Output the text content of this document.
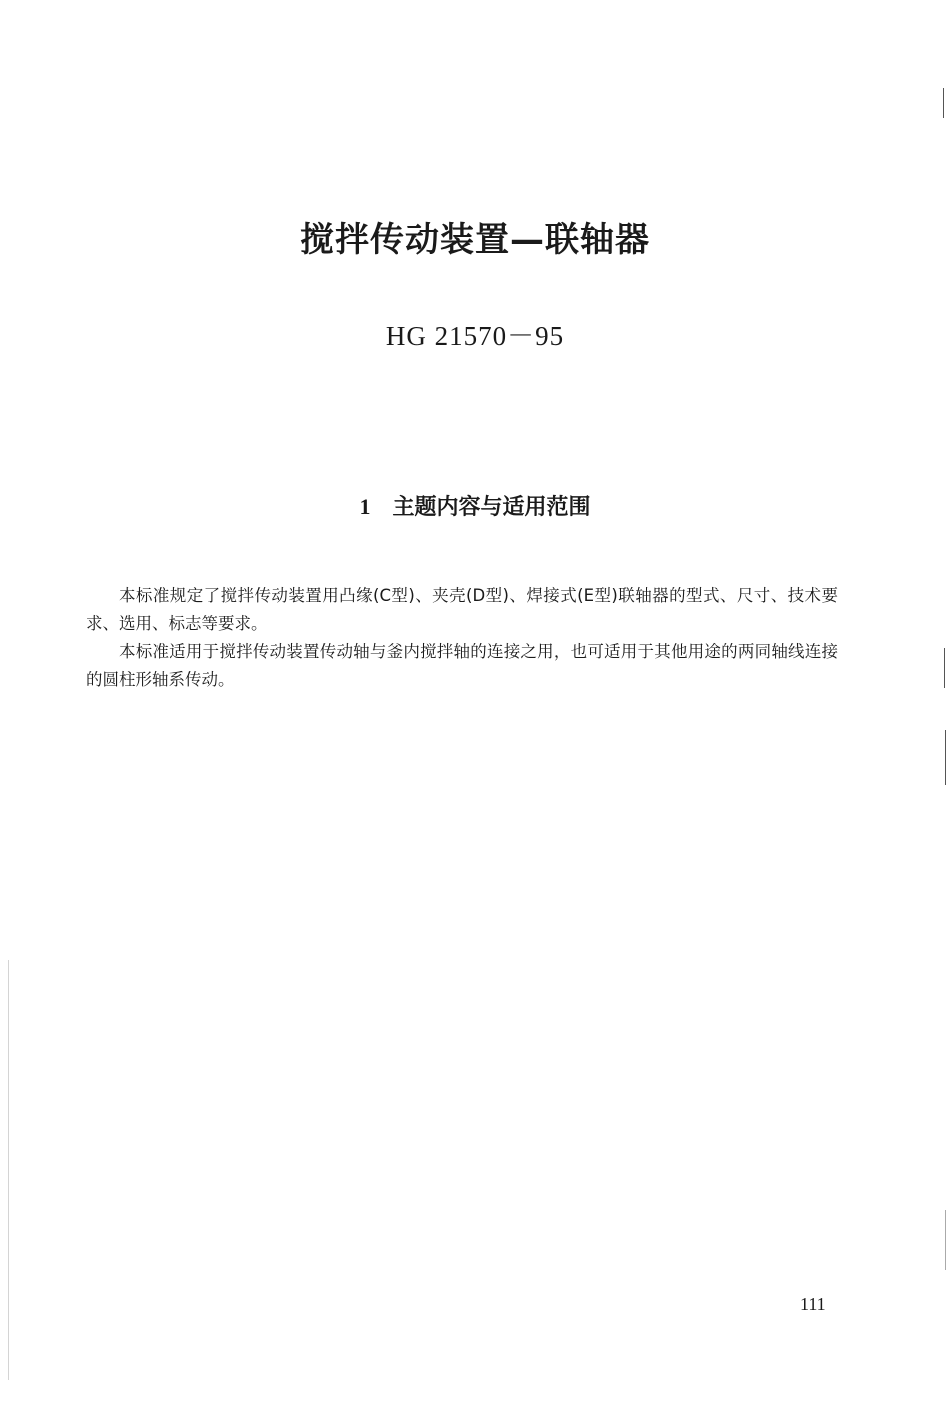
搅拌传动装置—联轴器
HG 21570－95
1 主题内容与适用范围

本标准规定了搅拌传动装置用凸缘(C型)、夹壳(D型)、焊接式(E型)联轴器的型式、尺寸、技术要求、选用、标志等要求。

本标准适用于搅拌传动装置传动轴与釜内搅拌轴的连接之用，也可适用于其他用途的两同轴线连接的圆柱形轴系传动。

111
